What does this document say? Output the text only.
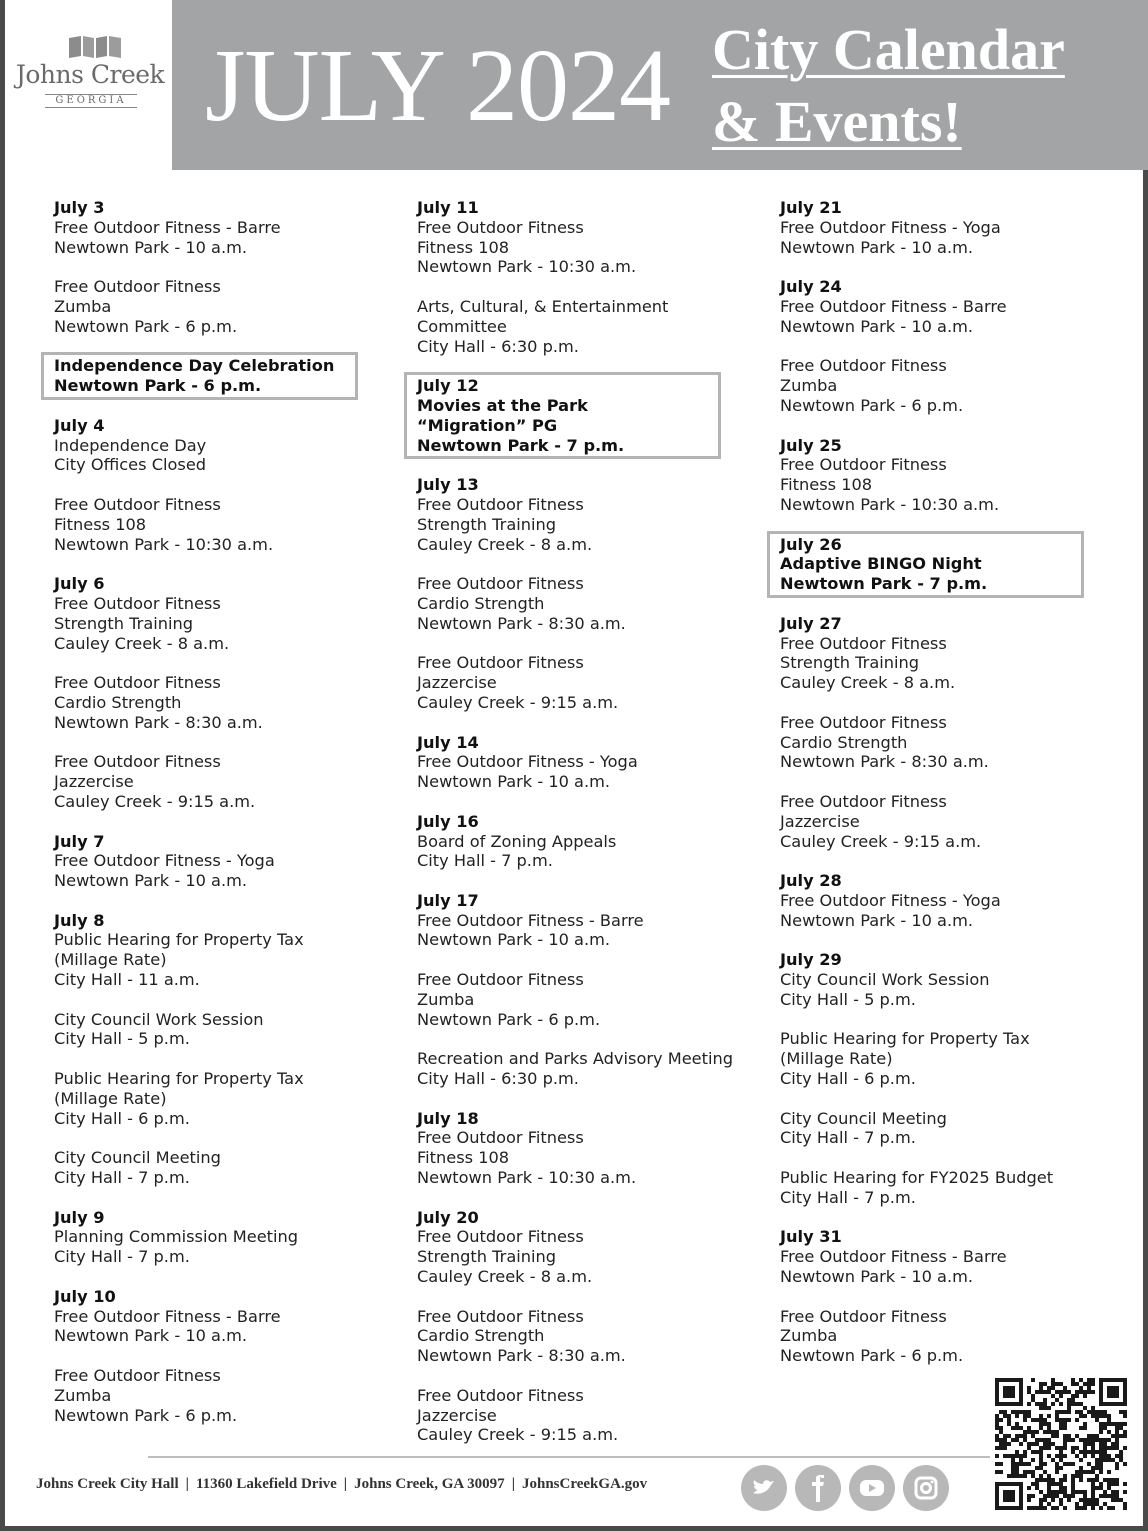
Johns Creek
GEORGIA JULY 2024 City Calendar
& Events!
July 3
Free Outdoor Fitness - Barre
Newtown Park - 10 a.m.
Free Outdoor Fitness
Zumba
Newtown Park - 6 p.m.
Independence Day Celebration
Newtown Park - 6 p.m.
July 4
Independence Day
City Offices Closed
Free Outdoor Fitness
Fitness 108
Newtown Park - 10:30 a.m.
July 6
Free Outdoor Fitness
Strength Training
Cauley Creek - 8 a.m.
Free Outdoor Fitness
Cardio Strength
Newtown Park - 8:30 a.m.
Free Outdoor Fitness
Jazzercise
Cauley Creek - 9:15 a.m.
July 7
Free Outdoor Fitness - Yoga
Newtown Park - 10 a.m.
July 8
Public Hearing for Property Tax
(Millage Rate)
City Hall - 11 a.m.
City Council Work Session
City Hall - 5 p.m.
Public Hearing for Property Tax
(Millage Rate)
City Hall - 6 p.m.
City Council Meeting
City Hall - 7 p.m.
July 9
Planning Commission Meeting
City Hall - 7 p.m.
July 10
Free Outdoor Fitness - Barre
Newtown Park - 10 a.m.
Free Outdoor Fitness
Zumba
Newtown Park - 6 p.m.
July 11
Free Outdoor Fitness
Fitness 108
Newtown Park - 10:30 a.m.
Arts, Cultural, & Entertainment
Committee
City Hall - 6:30 p.m.
July 12
Movies at the Park
“Migration” PG
Newtown Park - 7 p.m.
July 13
Free Outdoor Fitness
Strength Training
Cauley Creek - 8 a.m.
Free Outdoor Fitness
Cardio Strength
Newtown Park - 8:30 a.m.
Free Outdoor Fitness
Jazzercise
Cauley Creek - 9:15 a.m.
July 14
Free Outdoor Fitness - Yoga
Newtown Park - 10 a.m.
July 16
Board of Zoning Appeals
City Hall - 7 p.m.
July 17
Free Outdoor Fitness - Barre
Newtown Park - 10 a.m.
Free Outdoor Fitness
Zumba
Newtown Park - 6 p.m.
Recreation and Parks Advisory Meeting
City Hall - 6:30 p.m.
July 18
Free Outdoor Fitness
Fitness 108
Newtown Park - 10:30 a.m.
July 20
Free Outdoor Fitness
Strength Training
Cauley Creek - 8 a.m.
Free Outdoor Fitness
Cardio Strength
Newtown Park - 8:30 a.m.
Free Outdoor Fitness
Jazzercise
Cauley Creek - 9:15 a.m.
July 21
Free Outdoor Fitness - Yoga
Newtown Park - 10 a.m.
July 24
Free Outdoor Fitness - Barre
Newtown Park - 10 a.m.
Free Outdoor Fitness
Zumba
Newtown Park - 6 p.m.
July 25
Free Outdoor Fitness
Fitness 108
Newtown Park - 10:30 a.m.
July 26
Adaptive BINGO Night
Newtown Park - 7 p.m.
July 27
Free Outdoor Fitness
Strength Training
Cauley Creek - 8 a.m.
Free Outdoor Fitness
Cardio Strength
Newtown Park - 8:30 a.m.
Free Outdoor Fitness
Jazzercise
Cauley Creek - 9:15 a.m.
July 28
Free Outdoor Fitness - Yoga
Newtown Park - 10 a.m.
July 29
City Council Work Session
City Hall - 5 p.m.
Public Hearing for Property Tax
(Millage Rate)
City Hall - 6 p.m.
City Council Meeting
City Hall - 7 p.m.
Public Hearing for FY2025 Budget
City Hall - 7 p.m.
July 31
Free Outdoor Fitness - Barre
Newtown Park - 10 a.m.
Free Outdoor Fitness
Zumba
Newtown Park - 6 p.m.
Johns Creek City Hall | 11360 Lakefield Drive | Johns Creek, GA 30097 | JohnsCreekGA.gov
